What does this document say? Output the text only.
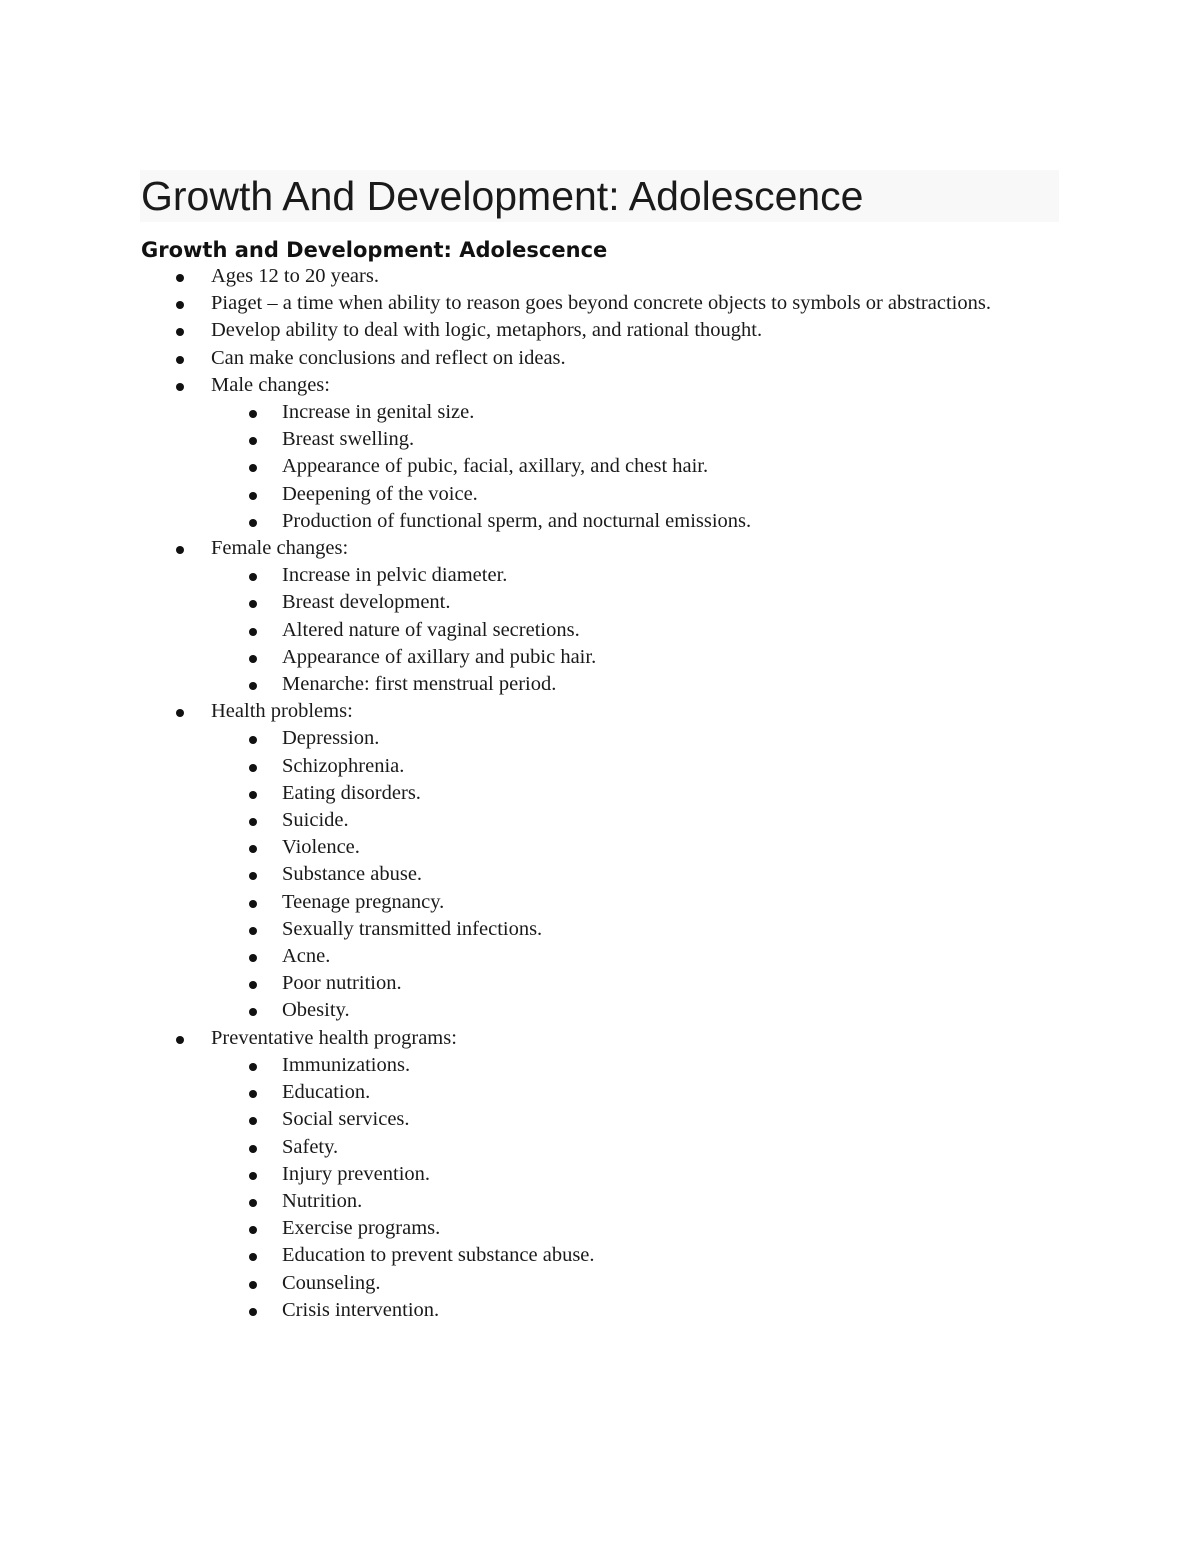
Growth And Development: Adolescence
Growth and Development: Adolescence
Ages 12 to 20 years.
Piaget – a time when ability to reason goes beyond concrete objects to symbols or abstractions.
Develop ability to deal with logic, metaphors, and rational thought.
Can make conclusions and reflect on ideas.
Male changes:
Increase in genital size.
Breast swelling.
Appearance of pubic, facial, axillary, and chest hair.
Deepening of the voice.
Production of functional sperm, and nocturnal emissions.
Female changes:
Increase in pelvic diameter.
Breast development.
Altered nature of vaginal secretions.
Appearance of axillary and pubic hair.
Menarche: first menstrual period.
Health problems:
Depression.
Schizophrenia.
Eating disorders.
Suicide.
Violence.
Substance abuse.
Teenage pregnancy.
Sexually transmitted infections.
Acne.
Poor nutrition.
Obesity.
Preventative health programs:
Immunizations.
Education.
Social services.
Safety.
Injury prevention.
Nutrition.
Exercise programs.
Education to prevent substance abuse.
Counseling.
Crisis intervention.
